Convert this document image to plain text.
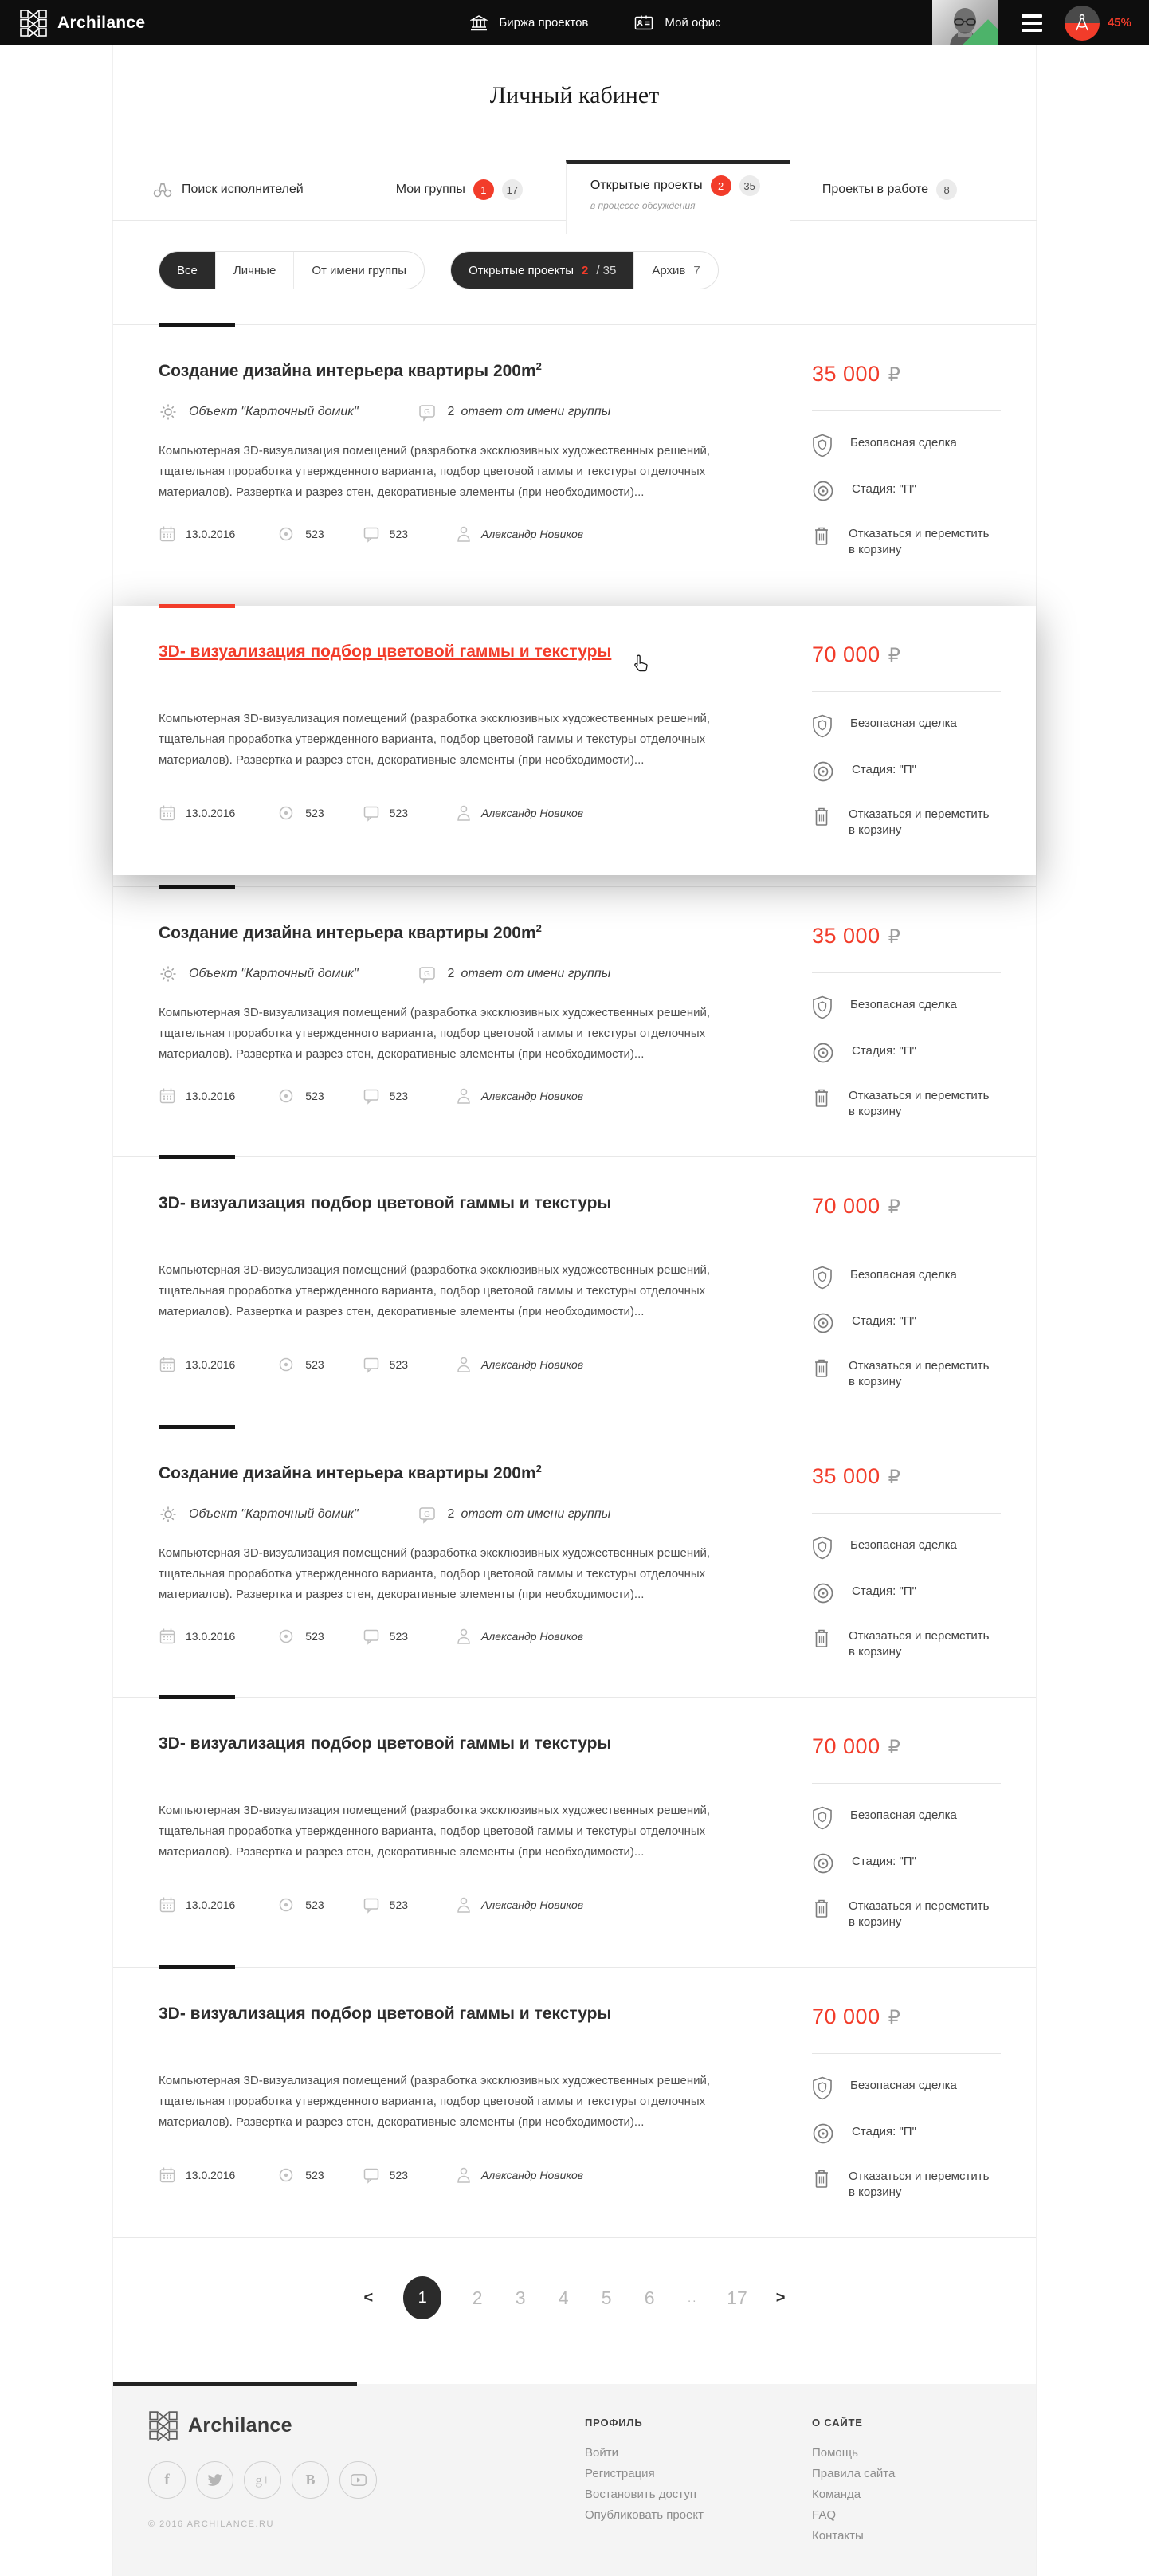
Archilance	Биржа проектов	Мой офис	45%
Личный кабинет
Поиск исполнителей	Мои группы	1	17	Открытые проекты	2	35
в процессе обсуждения
Проекты в работе	8
Все	Личные	От имени группы	Открытые проекты 2 / 35	Архив 7
Создание дизайна интерьера квартиры $200m^2$
Объект "Карточный домик"	G 2 ответ от имени группы
Компьютерная 3D-визуализация помещений (разработка эксклюзивных художественных решений, тщательная проработка утвержденного варианта, подбор цветовой гаммы и текстуры отделочных материалов). Развертка и разрез стен, декоративные элементы (при необходимости)...
13.0.2016	523	523	Александр Новиков
35 000 ₽
Безопасная сделка
Стадия: "П"
Отказаться и перемстить
в корзину
3D- визуализация подбор цветовой гаммы и текстуры
Компьютерная 3D-визуализация помещений (разработка эксклюзивных художественных решений, тщательная проработка утвержденного варианта, подбор цветовой гаммы и текстуры отделочных материалов). Развертка и разрез стен, декоративные элементы (при необходимости)...
13.0.2016	523	523	Александр Новиков
70 000 ₽
Безопасная сделка
Стадия: "П"
Отказаться и перемстить
в корзину
Создание дизайна интерьера квартиры $200m^2$
Объект "Карточный домик"	G 2 ответ от имени группы
Компьютерная 3D-визуализация помещений (разработка эксклюзивных художественных решений, тщательная проработка утвержденного варианта, подбор цветовой гаммы и текстуры отделочных материалов). Развертка и разрез стен, декоративные элементы (при необходимости)...
13.0.2016	523	523	Александр Новиков
35 000 ₽
Безопасная сделка
Стадия: "П"
Отказаться и перемстить
в корзину
3D- визуализация подбор цветовой гаммы и текстуры
Компьютерная 3D-визуализация помещений (разработка эксклюзивных художественных решений, тщательная проработка утвержденного варианта, подбор цветовой гаммы и текстуры отделочных материалов). Развертка и разрез стен, декоративные элементы (при необходимости)...
13.0.2016	523	523	Александр Новиков
70 000 ₽
Безопасная сделка
Стадия: "П"
Отказаться и перемстить
в корзину
Создание дизайна интерьера квартиры $200m^2$
Объект "Карточный домик"	G 2 ответ от имени группы
Компьютерная 3D-визуализация помещений (разработка эксклюзивных художественных решений, тщательная проработка утвержденного варианта, подбор цветовой гаммы и текстуры отделочных материалов). Развертка и разрез стен, декоративные элементы (при необходимости)...
13.0.2016	523	523	Александр Новиков
35 000 ₽
Безопасная сделка
Стадия: "П"
Отказаться и перемстить
в корзину
3D- визуализация подбор цветовой гаммы и текстуры
Компьютерная 3D-визуализация помещений (разработка эксклюзивных художественных решений, тщательная проработка утвержденного варианта, подбор цветовой гаммы и текстуры отделочных материалов). Развертка и разрез стен, декоративные элементы (при необходимости)...
13.0.2016	523	523	Александр Новиков
70 000 ₽
Безопасная сделка
Стадия: "П"
Отказаться и перемстить
в корзину
3D- визуализация подбор цветовой гаммы и текстуры
Компьютерная 3D-визуализация помещений (разработка эксклюзивных художественных решений, тщательная проработка утвержденного варианта, подбор цветовой гаммы и текстуры отделочных материалов). Развертка и разрез стен, декоративные элементы (при необходимости)...
13.0.2016	523	523	Александр Новиков
70 000 ₽
Безопасная сделка
Стадия: "П"
Отказаться и перемстить
в корзину
<	1	2 3 4 5 6	.. 17 >
Archilance
f	g+ B
© 2016 ARCHILANCE.RU
ПРОФИЛЬ
Войти
Регистрация
Востановить доступ
Опубликовать проект
О САЙТЕ
Помощь
Правила сайта
Команда
FAQ
Контакты
